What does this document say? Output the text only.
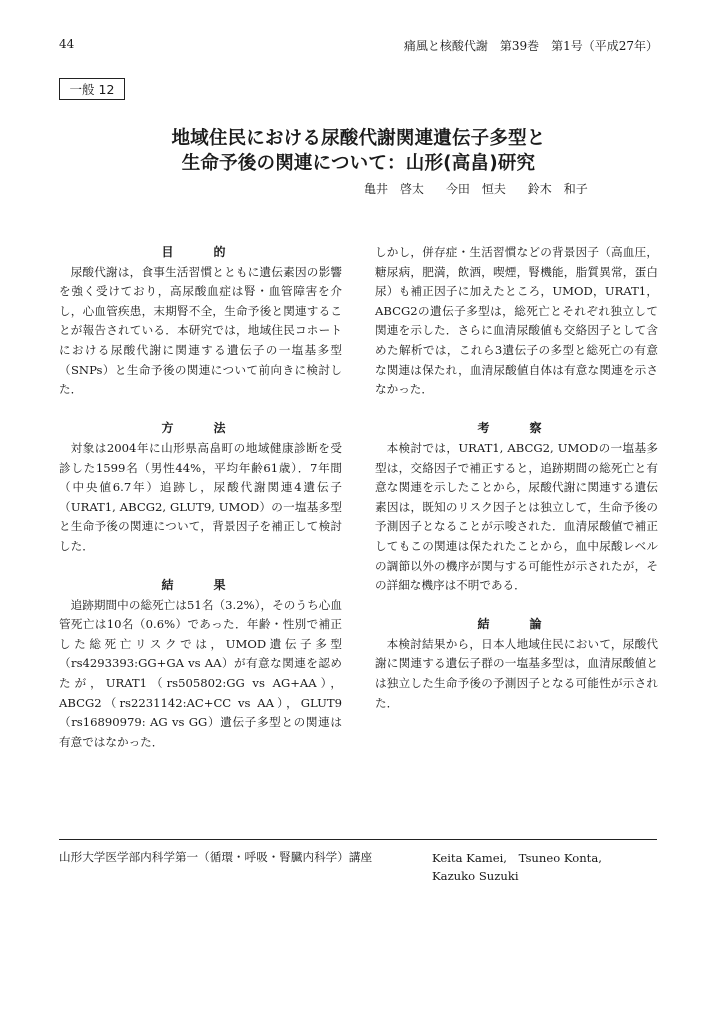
44	痛風と核酸代謝　第39巻　第1号（平成27年）
一般 12
地域住民における尿酸代謝関連遺伝子多型と
生命予後の関連について：山形(高畠)研究
亀井　啓太 今田　恒夫 鈴木　和子
目　的

尿酸代謝は，食事生活習慣とともに遺伝素因の影響を強く受けており，高尿酸血症は腎・血管障害を介し，心血管疾患，末期腎不全，生命予後と関連することが報告されている．本研究では，地域住民コホートにおける尿酸代謝に関連する遺伝子の一塩基多型（SNPs）と生命予後の関連について前向きに検討した．

方　法

対象は2004年に山形県高畠町の地域健康診断を受診した1599名（男性44%，平均年齢61歳）．7年間（中央値6.7年）追跡し，尿酸代謝関連4遺伝子（URAT1, ABCG2, GLUT9, UMOD）の一塩基多型と生命予後の関連について，背景因子を補正して検討した．

結　果

追跡期間中の総死亡は51名（3.2%），そのうち心血管死亡は10名（0.6%）であった．年齢・性別で補正した総死亡リスクでは，UMOD遺伝子多型（rs4293393:GG+GA vs AA）が有意な関連を認めたが，URAT1（rs505802:GG vs AG+AA），ABCG2（rs2231142:AC+CC vs AA），GLUT9（rs16890979: AG vs GG）遺伝子多型との関連は有意ではなかった．

しかし，併存症・生活習慣などの背景因子（高血圧，糖尿病，肥満，飲酒，喫煙，腎機能，脂質異常，蛋白尿）も補正因子に加えたところ，UMOD，URAT1，ABCG2の遺伝子多型は，総死亡とそれぞれ独立して関連を示した．さらに血清尿酸値も交絡因子として含めた解析では，これら3遺伝子の多型と総死亡の有意な関連は保たれ，血清尿酸値自体は有意な関連を示さなかった．

考　察

本検討では，URAT1, ABCG2, UMODの一塩基多型は，交絡因子で補正すると，追跡期間の総死亡と有意な関連を示したことから，尿酸代謝に関連する遺伝素因は，既知のリスク因子とは独立して，生命予後の予測因子となることが示唆された．血清尿酸値で補正してもこの関連は保たれたことから，血中尿酸レベルの調節以外の機序が関与する可能性が示されたが，その詳細な機序は不明である．

結　論

本検討結果から，日本人地域住民において，尿酸代謝に関連する遺伝子群の一塩基多型は，血清尿酸値とは独立した生命予後の予測因子となる可能性が示された．

山形大学医学部内科学第一（循環・呼吸・腎臓内科学）講座	Keita Kamei,　Tsuneo Konta,
Kazuko Suzuki
